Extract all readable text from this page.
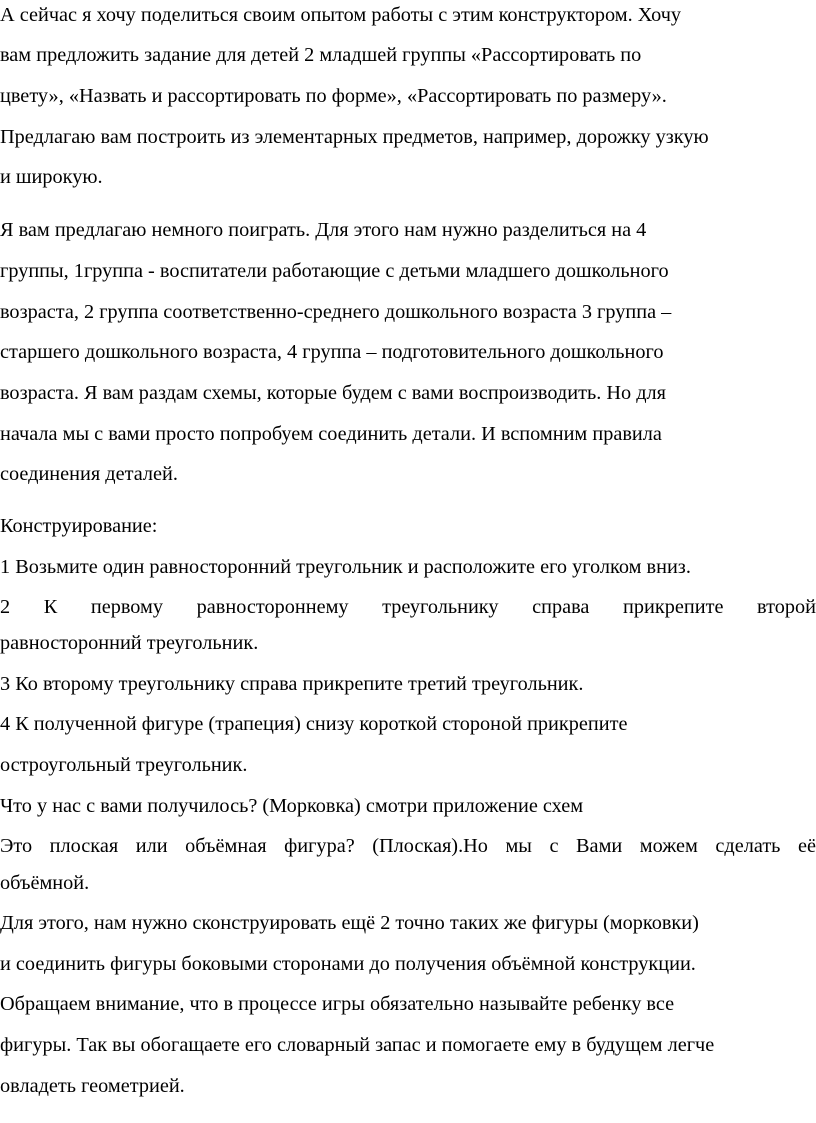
А сейчас я хочу поделиться своим опытом работы с этим конструктором. Хочу
вам предложить задание для детей 2 младшей группы «Рассортировать по
цвету», «Назвать и рассортировать по форме», «Рассортировать по размеру».
Предлагаю вам построить из элементарных предметов, например, дорожку узкую
и широкую.
Я вам предлагаю немного поиграть. Для этого нам нужно разделиться на 4
группы, 1группа - воспитатели работающие с детьми младшего дошкольного
возраста, 2 группа соответственно-среднего дошкольного возраста 3 группа –
старшего дошкольного возраста, 4 группа – подготовительного дошкольного
возраста. Я вам раздам схемы, которые будем с вами воспроизводить. Но для
начала мы с вами просто попробуем соединить детали. И вспомним правила
соединения деталей.
Конструирование:
1 Возьмите один равносторонний треугольник и расположите его уголком вниз.
2 К первому равностороннему треугольнику справа прикрепите второй
равносторонний треугольник.
3 Ко второму треугольнику справа прикрепите третий треугольник.
4 К полученной фигуре (трапеция) снизу короткой стороной прикрепите
остроугольный треугольник.
Что у нас с вами получилось? (Морковка) смотри приложение схем
Это плоская или объёмная фигура? (Плоская).Но мы с Вами можем сделать её
объёмной.
Для этого, нам нужно сконструировать ещё 2 точно таких же фигуры (морковки)
и соединить фигуры боковыми сторонами до получения объёмной конструкции.
Обращаем внимание, что в процессе игры обязательно называйте ребенку все
фигуры. Так вы обогащаете его словарный запас и помогаете ему в будущем легче
овладеть геометрией.
